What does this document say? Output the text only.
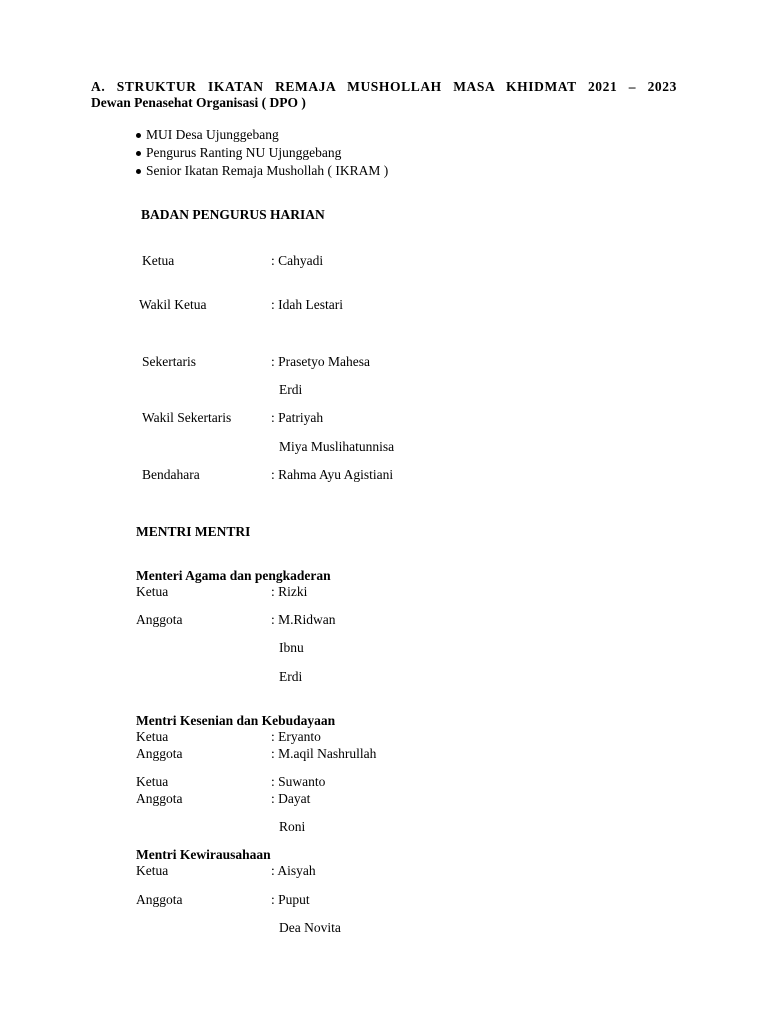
A. STRUKTUR IKATAN REMAJA MUSHOLLAH MASA KHIDMAT 2021 – 2023
Dewan Penasehat Organisasi ( DPO )
MUI Desa Ujunggebang
Pengurus Ranting NU Ujunggebang
Senior Ikatan Remaja Mushollah ( IKRAM )
BADAN PENGURUS HARIAN
Ketua	: Cahyadi
Wakil Ketua	: Idah Lestari
Sekertaris	: Prasetyo Mahesa
Erdi
Wakil Sekertaris	: Patriyah
Miya Muslihatunnisa
Bendahara	: Rahma Ayu Agistiani
MENTRI MENTRI
Menteri Agama dan pengkaderan
Ketua	: Rizki
Anggota	: M.Ridwan
Ibnu
Erdi
Mentri Kesenian dan Kebudayaan
Ketua	: Eryanto
Anggota	: M.aqil Nashrullah
Ketua	: Suwanto
Anggota	: Dayat
Roni
Mentri Kewirausahaan
Ketua	: Aisyah
Anggota	: Puput
Dea Novita
